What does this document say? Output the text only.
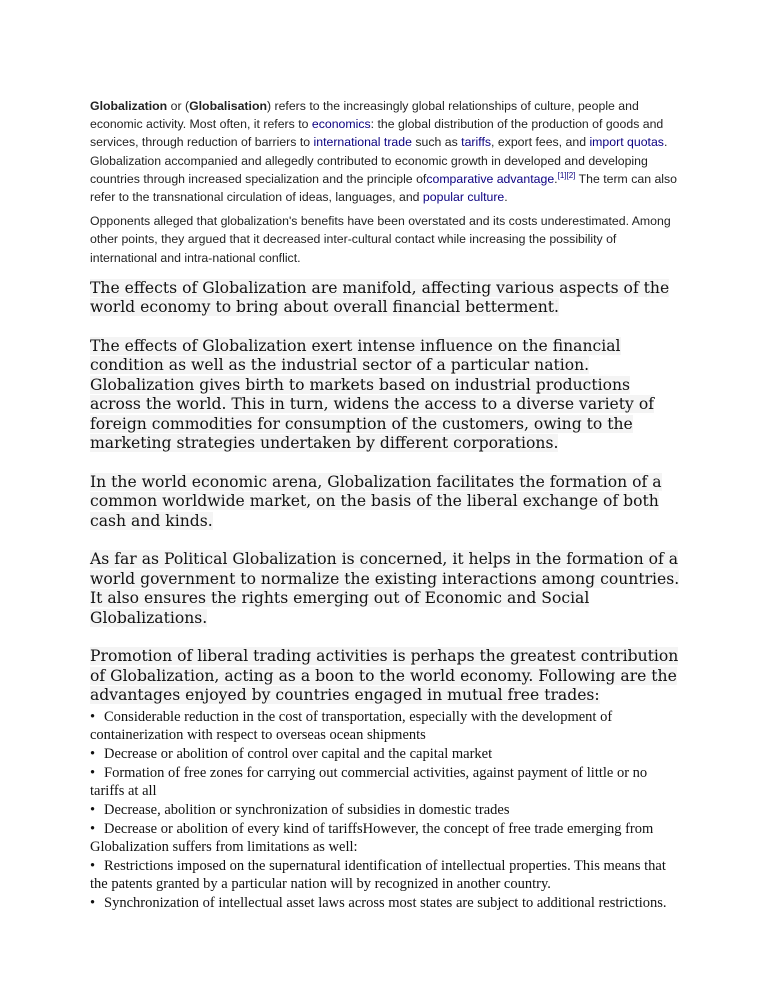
Globalization or (Globalisation) refers to the increasingly global relationships of culture, people and economic activity. Most often, it refers to economics: the global distribution of the production of goods and services, through reduction of barriers to international trade such as tariffs, export fees, and import quotas. Globalization accompanied and allegedly contributed to economic growth in developed and developing countries through increased specialization and the principle ofcomparative advantage.[1][2] The term can also refer to the transnational circulation of ideas, languages, and popular culture.

Opponents alleged that globalization's benefits have been overstated and its costs underestimated. Among other points, they argued that it decreased inter-cultural contact while increasing the possibility of international and intra-national conflict.

The effects of Globalization are manifold, affecting various aspects of the world economy to bring about overall financial betterment.

The effects of Globalization exert intense influence on the financial condition as well as the industrial sector of a particular nation. Globalization gives birth to markets based on industrial productions across the world. This in turn, widens the access to a diverse variety of foreign commodities for consumption of the customers, owing to the marketing strategies undertaken by different corporations.

In the world economic arena, Globalization facilitates the formation of a common worldwide market, on the basis of the liberal exchange of both cash and kinds.

As far as Political Globalization is concerned, it helps in the formation of a world government to normalize the existing interactions among countries. It also ensures the rights emerging out of Economic and Social Globalizations.

Promotion of liberal trading activities is perhaps the greatest contribution of Globalization, acting as a boon to the world economy. Following are the advantages enjoyed by countries engaged in mutual free trades:

• Considerable reduction in the cost of transportation, especially with the development of containerization with respect to overseas ocean shipments
• Decrease or abolition of control over capital and the capital market
• Formation of free zones for carrying out commercial activities, against payment of little or no tariffs at all
• Decrease, abolition or synchronization of subsidies in domestic trades
• Decrease or abolition of every kind of tariffsHowever, the concept of free trade emerging from Globalization suffers from limitations as well:
• Restrictions imposed on the supernatural identification of intellectual properties. This means that the patents granted by a particular nation will by recognized in another country.
• Synchronization of intellectual asset laws across most states are subject to additional restrictions.
